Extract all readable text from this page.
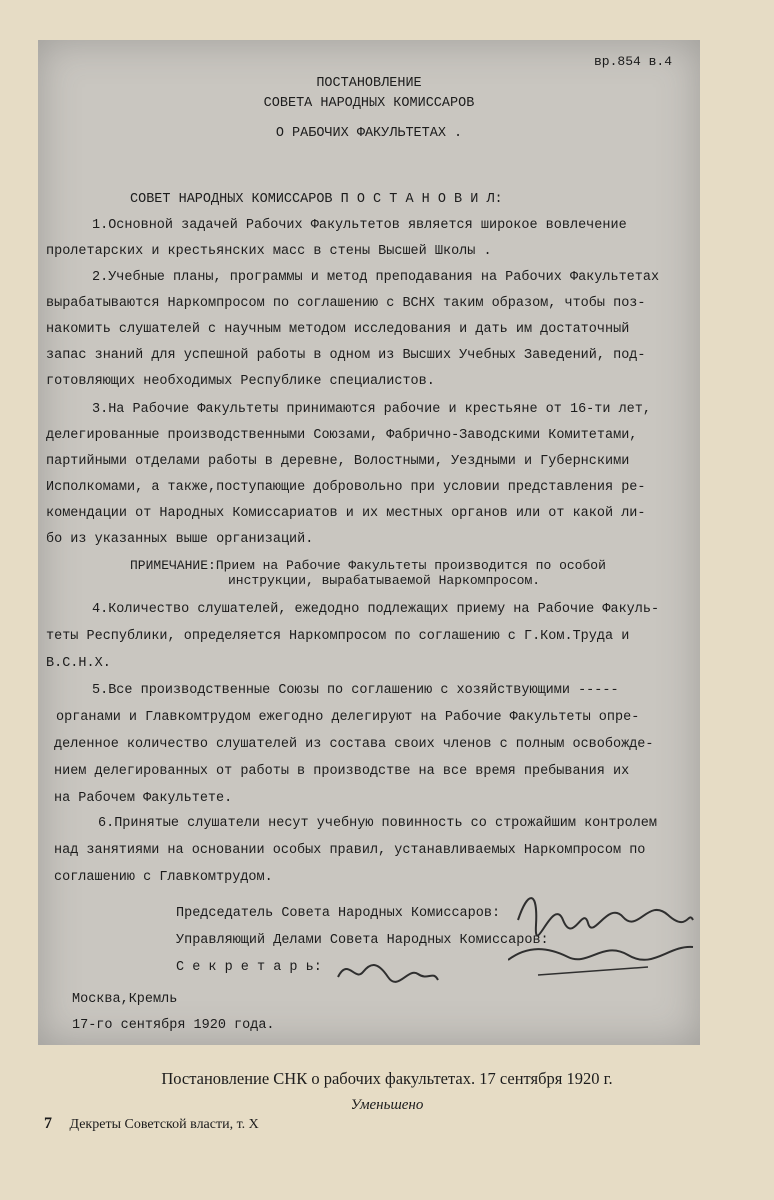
вр.854 в.4
ПОСТАНОВЛЕНИЕ
СОВЕТА НАРОДНЫХ КОМИССАРОВ
О РАБОЧИХ ФАКУЛЬТЕТАХ .
СОВЕТ НАРОДНЫХ КОМИССАРОВ П О С Т А Н О В И Л:
1.Основной задачей Рабочих Факультетов является широкое вовлечение
пролетарских и крестьянских масс в стены Высшей Школы .
2.Учебные планы, программы и метод преподавания на Рабочих Факультетах
вырабатываются Наркомпросом по соглашению с ВСНХ таким образом, чтобы поз-
накомить слушателей с научным методом исследования и дать им достаточный
запас знаний для успешной работы в одном из Высших Учебных Заведений, под-
готовляющих необходимых Республике специалистов.
3.На Рабочие Факультеты принимаются рабочие и крестьяне от 16-ти лет,
делегированные производственными Союзами, Фабрично-Заводскими Комитетами,
партийными отделами работы в деревне, Волостными, Уездными и Губернскими
Исполкомами, а также,поступающие добровольно при условии представления ре-
комендации от Народных Комиссариатов и их местных органов или от какой ли-
бо из указанных выше организаций.
ПРИМЕЧАНИЕ:Прием на Рабочие Факультеты производится по особой
инструкции, вырабатываемой Наркомпросом.
4.Количество слушателей, ежедодно подлежащих приему на Рабочие Факуль-
теты Республики, определяется Наркомпросом по соглашению с Г.Ком.Труда и
В.С.Н.Х.
5.Все производственные Союзы по соглашению с хозяйствующими -----
органами и Главкомтрудом ежегодно делегируют на Рабочие Факультеты опре-
деленное количество слушателей из состава своих членов с полным освобожде-
нием делегированных от работы в производстве на все время пребывания их
на Рабочем Факультете.
6.Принятые слушатели несут учебную повинность со строжайшим контролем
над занятиями на основании особых правил, устанавливаемых Наркомпросом по
соглашению с Главкомтрудом.
Председатель Совета Народных Комиссаров:
Управляющий Делами Совета Народных Комиссаров:
С е к р е т а р ь:
Москва,Кремль
17-го сентября 1920 года.
Постановление СНК о рабочих факультетах. 17 сентября 1920 г.
Уменьшено
7 Декреты Советской власти, т. X
